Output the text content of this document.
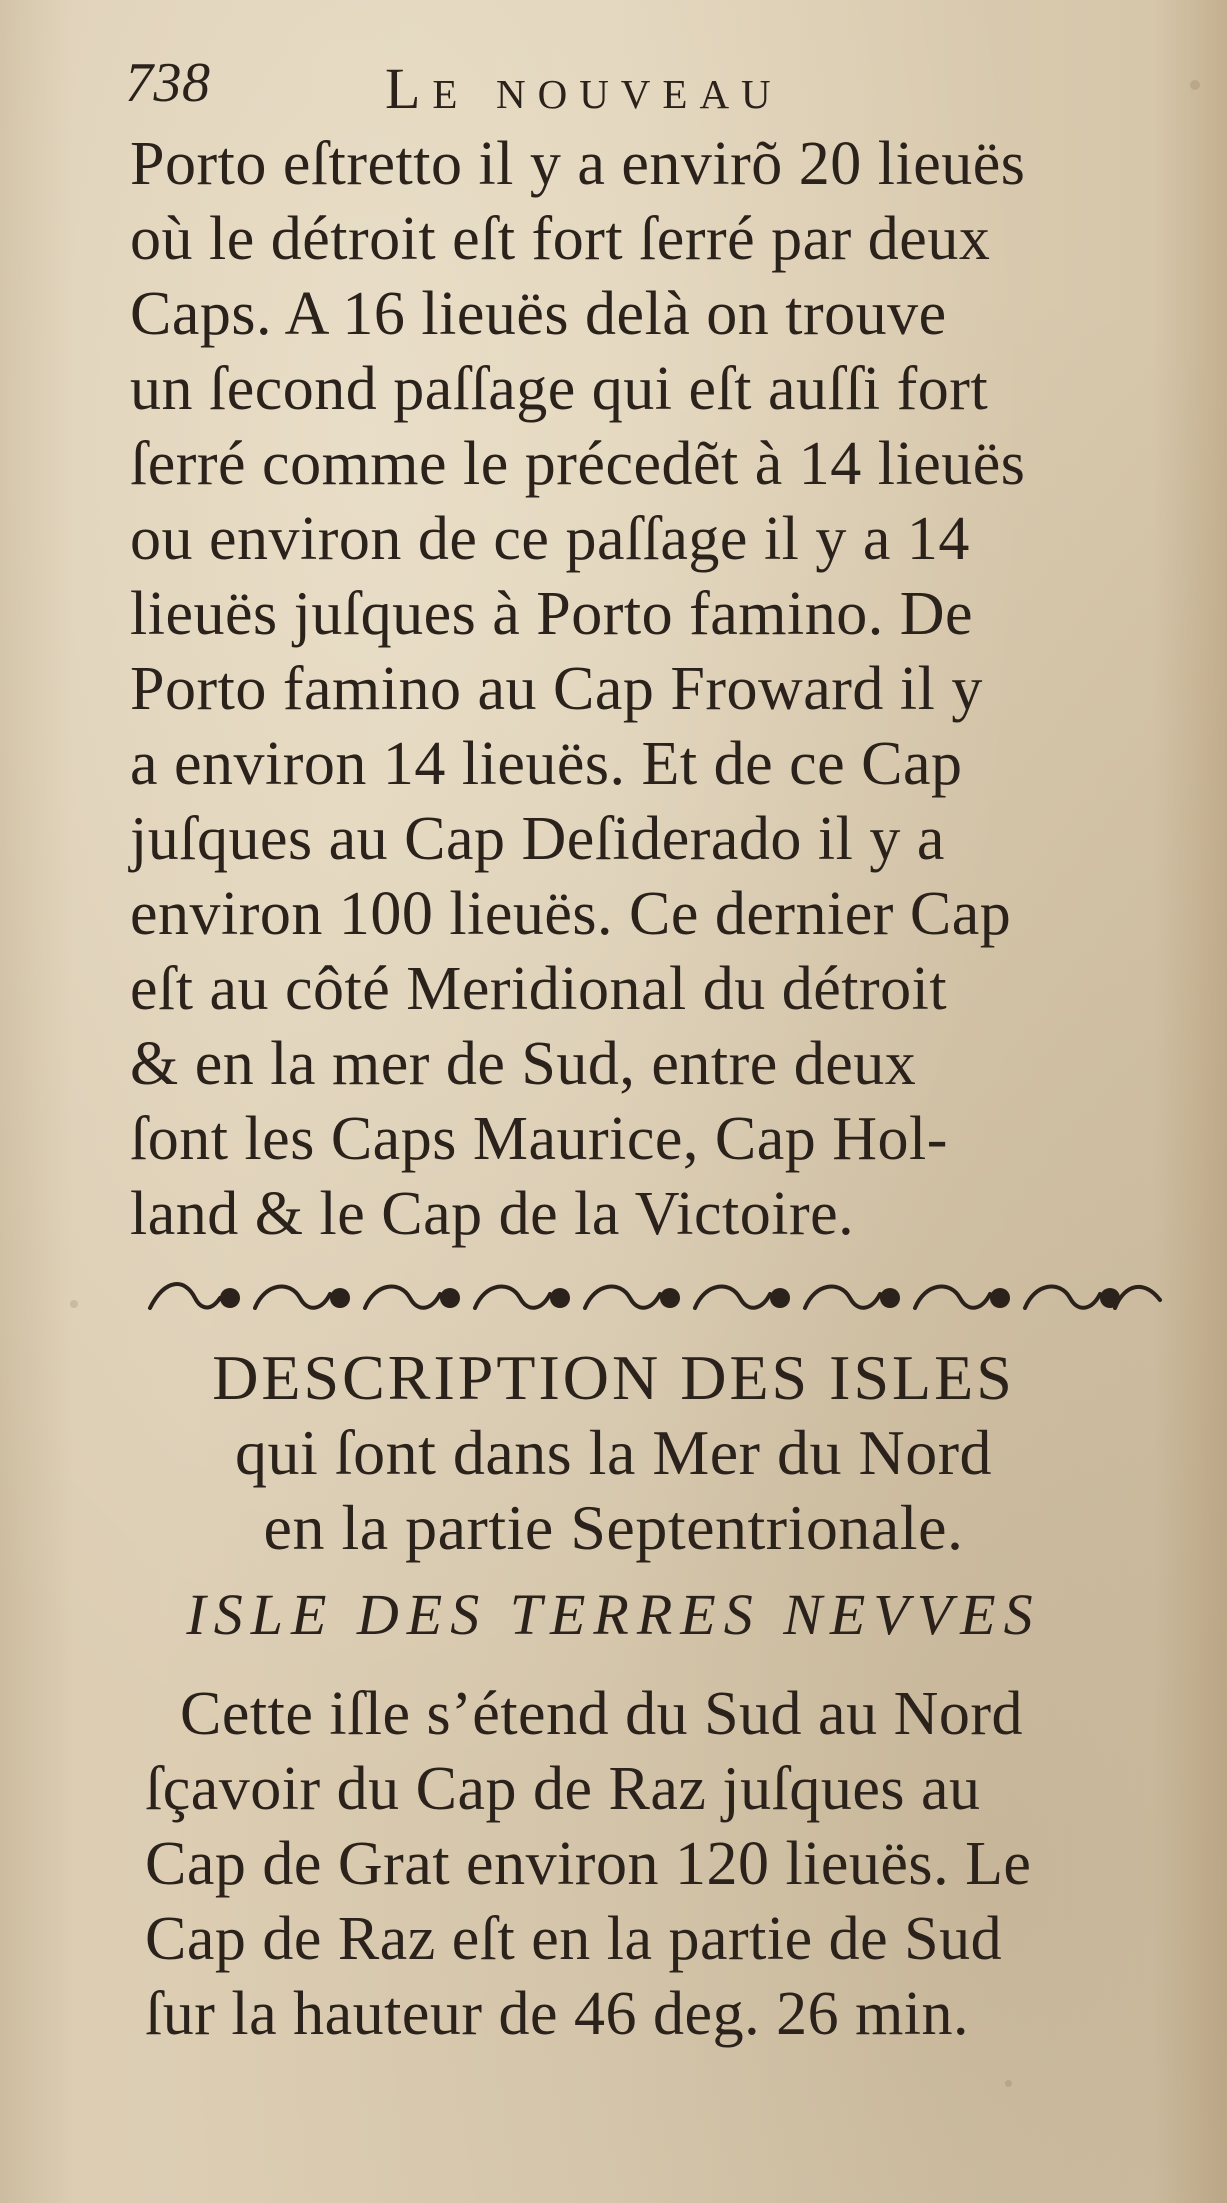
738	Le nouveau
Porto eſtretto il y a envirõ 20 lieuës
où le détroit eſt fort ſerré par deux
Caps. A 16 lieuës delà on trouve
un ſecond paſſage qui eſt auſſi fort
ſerré comme le précedẽt à 14 lieuës
ou environ de ce paſſage il y a 14
lieuës juſques à Porto famino. De
Porto famino au Cap Froward il y
a environ 14 lieuës. Et de ce Cap
juſques au Cap Deſiderado il y a
environ 100 lieuës. Ce dernier Cap
eſt au côté Meridional du détroit
& en la mer de Sud, entre deux
ſont les Caps Maurice, Cap Hol-
land & le Cap de la Victoire.
DESCRIPTION DES ISLES
qui ſont dans la Mer du Nord
en la partie Septentrionale.
ISLE DES TERRES NEVVES
Cette iſle s’étend du Sud au Nord
ſçavoir du Cap de Raz juſques au
Cap de Grat environ 120 lieuës. Le
Cap de Raz eſt en la partie de Sud
ſur la hauteur de 46 deg. 26 min.
